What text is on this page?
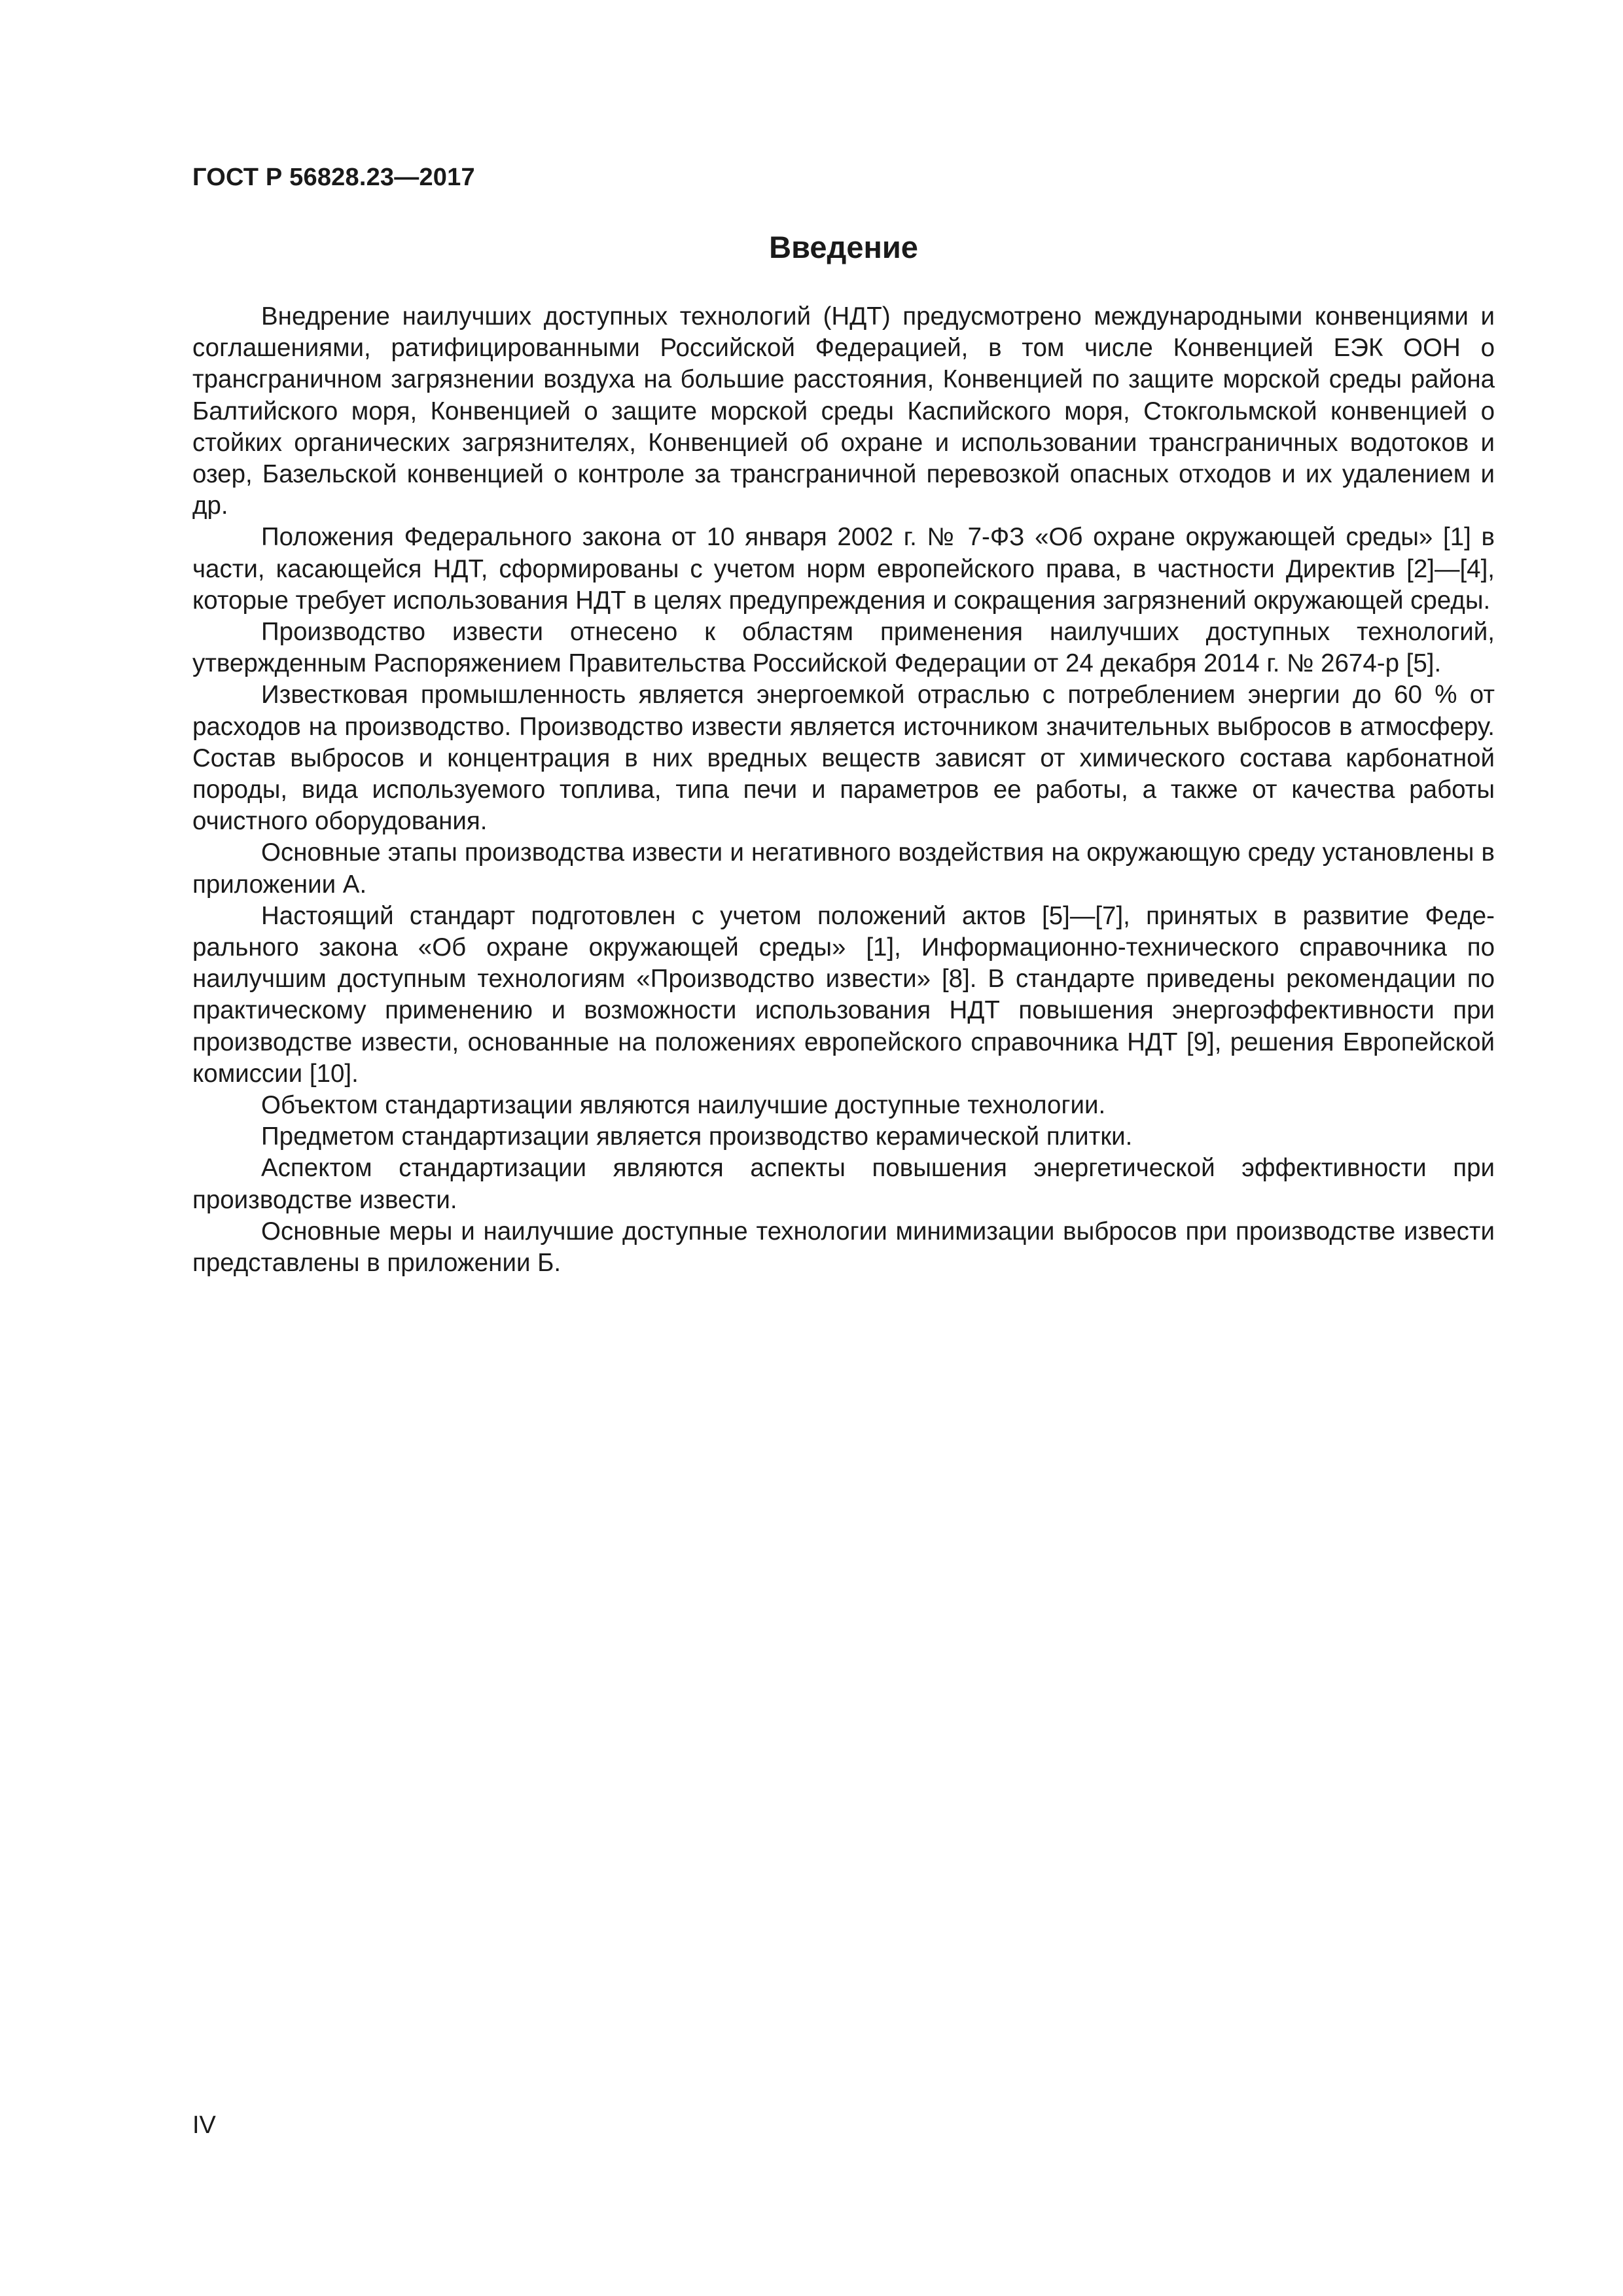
ГОСТ Р 56828.23—2017
Введение

Внедрение наилучших доступных технологий (НДТ) предусмотрено международными конвенциями и соглашениями, ратифицированными Российской Федерацией, в том числе Конвенцией ЕЭК ООН о трансграничном загрязнении воздуха на большие расстояния, Конвенцией по защите морской среды района Балтийского моря, Конвенцией о защите морской среды Каспийского моря, Стокгольмской конвенцией о стойких органических загрязнителях, Конвенцией об охране и использовании трансграничных водотоков и озер, Базельской конвенцией о контроле за трансграничной перевозкой опасных отходов и их удалением и др.

Положения Федерального закона от 10 января 2002 г. № 7-ФЗ «Об охране окружающей среды» [1] в части, касающейся НДТ, сформированы с учетом норм европейского права, в частности Директив [2]—[4], которые требует использования НДТ в целях предупреждения и сокращения загрязнений окружающей среды.

Производство извести отнесено к областям применения наилучших доступных технологий, утвержденным Распоряжением Правительства Российской Федерации от 24 декабря 2014 г. № 2674-р [5].

Известковая промышленность является энергоемкой отраслью с потреблением энергии до 60 % от расходов на производство. Производство извести является источником значительных выбросов в атмосферу. Состав выбросов и концентрация в них вредных веществ зависят от химического состава карбонатной породы, вида используемого топлива, типа печи и параметров ее работы, а также от качества работы очистного оборудования.

Основные этапы производства извести и негативного воздействия на окружающую среду установлены в приложении А.

Настоящий стандарт подготовлен с учетом положений актов [5]—[7], принятых в развитие Федерального закона «Об охране окружающей среды» [1], Информационно-технического справочника по наилучшим доступным технологиям «Производство извести» [8]. В стандарте приведены рекомендации по практическому применению и возможности использования НДТ повышения энергоэффективности при производстве извести, основанные на положениях европейского справочника НДТ [9], решения Европейской комиссии [10].

Объектом стандартизации являются наилучшие доступные технологии.

Предметом стандартизации является производство керамической плитки.

Аспектом стандартизации являются аспекты повышения энергетической эффективности при производстве извести.

Основные меры и наилучшие доступные технологии минимизации выбросов при производстве извести представлены в приложении Б.

IV
